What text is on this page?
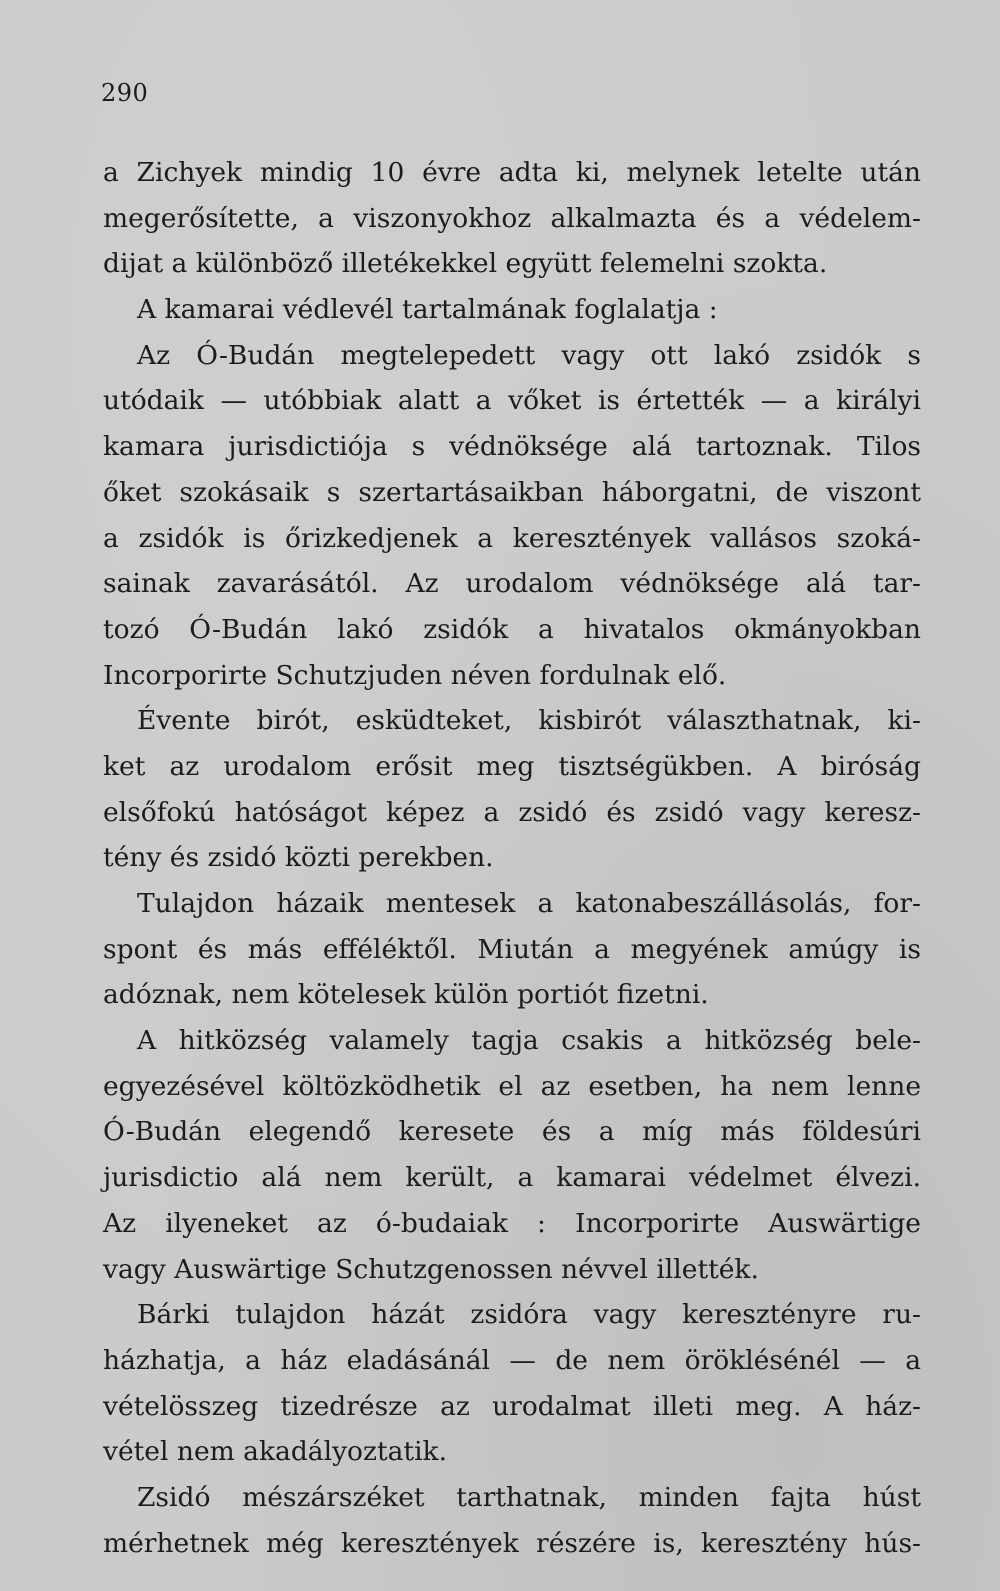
290
a Zichyek mindig 10 évre adta ki, melynek letelte után
megerősítette, a viszonyokhoz alkalmazta és a védelem-
dijat a különböző illetékekkel együtt felemelni szokta.
A kamarai védlevél tartalmának foglalatja :
Az Ó-Budán megtelepedett vagy ott lakó zsidók s
utódaik — utóbbiak alatt a vőket is értették — a királyi
kamara jurisdictiója s védnöksége alá tartoznak. Tilos
őket szokásaik s szertartásaikban háborgatni, de viszont
a zsidók is őrizkedjenek a keresztények vallásos szoká-
sainak zavarásától. Az urodalom védnöksége alá tar-
tozó Ó-Budán lakó zsidók a hivatalos okmányokban
Incorporirte Schutzjuden néven fordulnak elő.
Évente birót, esküdteket, kisbirót választhatnak, ki-
ket az urodalom erősit meg tisztségükben. A biróság
elsőfokú hatóságot képez a zsidó és zsidó vagy keresz-
tény és zsidó közti perekben.
Tulajdon házaik mentesek a katonabeszállásolás, for-
spont és más efféléktől. Miután a megyének amúgy is
adóznak, nem kötelesek külön portiót fizetni.
A hitközség valamely tagja csakis a hitközség bele-
egyezésével költözködhetik el az esetben, ha nem lenne
Ó-Budán elegendő keresete és a míg más földesúri
jurisdictio alá nem került, a kamarai védelmet élvezi.
Az ilyeneket az ó-budaiak : Incorporirte Auswärtige
vagy Auswärtige Schutzgenossen névvel illették.
Bárki tulajdon házát zsidóra vagy keresztényre ru-
házhatja, a ház eladásánál — de nem öröklésénél — a
vételösszeg tizedrésze az urodalmat illeti meg. A ház-
vétel nem akadályoztatik.
Zsidó mészárszéket tarthatnak, minden fajta húst
mérhetnek még keresztények részére is, keresztény hús-
